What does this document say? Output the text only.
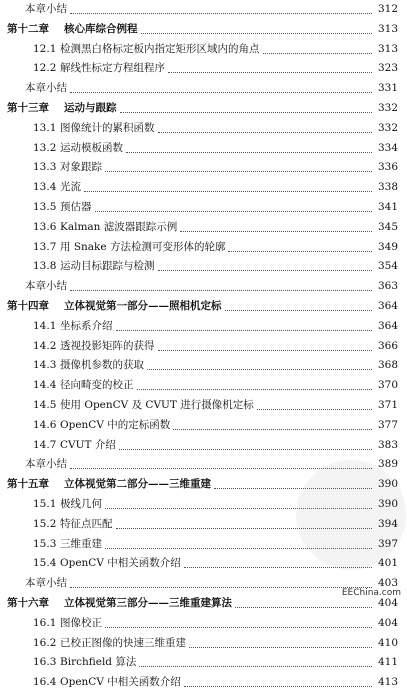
本章小结	312
第十二章	核心库综合例程	313
12.1 检测黑白格标定板内指定矩形区域内的角点	313
12.2 解线性标定方程组程序	323
本章小结	331
第十三章	运动与跟踪	332
13.1 图像统计的累积函数	332
13.2 运动模板函数	334
13.3 对象跟踪	336
13.4 光流	338
13.5 预估器	341
13.6 Kalman 滤波器跟踪示例	345
13.7 用 Snake 方法检测可变形体的轮廓	349
13.8 运动目标跟踪与检测	354
本章小结	363
第十四章	立体视觉第一部分——照相机定标	364
14.1 坐标系介绍	364
14.2 透视投影矩阵的获得	366
14.3 摄像机参数的获取	368
14.4 径向畸变的校正	370
14.5 使用 OpenCV 及 CVUT 进行摄像机定标	371
14.6 OpenCV 中的定标函数	377
14.7 CVUT 介绍	383
本章小结	389
第十五章	立体视觉第二部分——三维重建	390
15.1 极线几何	390
15.2 特征点匹配	394
15.3 三维重建	397
15.4 OpenCV 中相关函数介绍	401
本章小结	403
第十六章	立体视觉第三部分——三维重建算法	404
16.1 图像校正	404
16.2 已校正图像的快速三维重建	410
16.3 Birchfield 算法	411
16.4 OpenCV 中相关函数介绍	413
EEChina.com
